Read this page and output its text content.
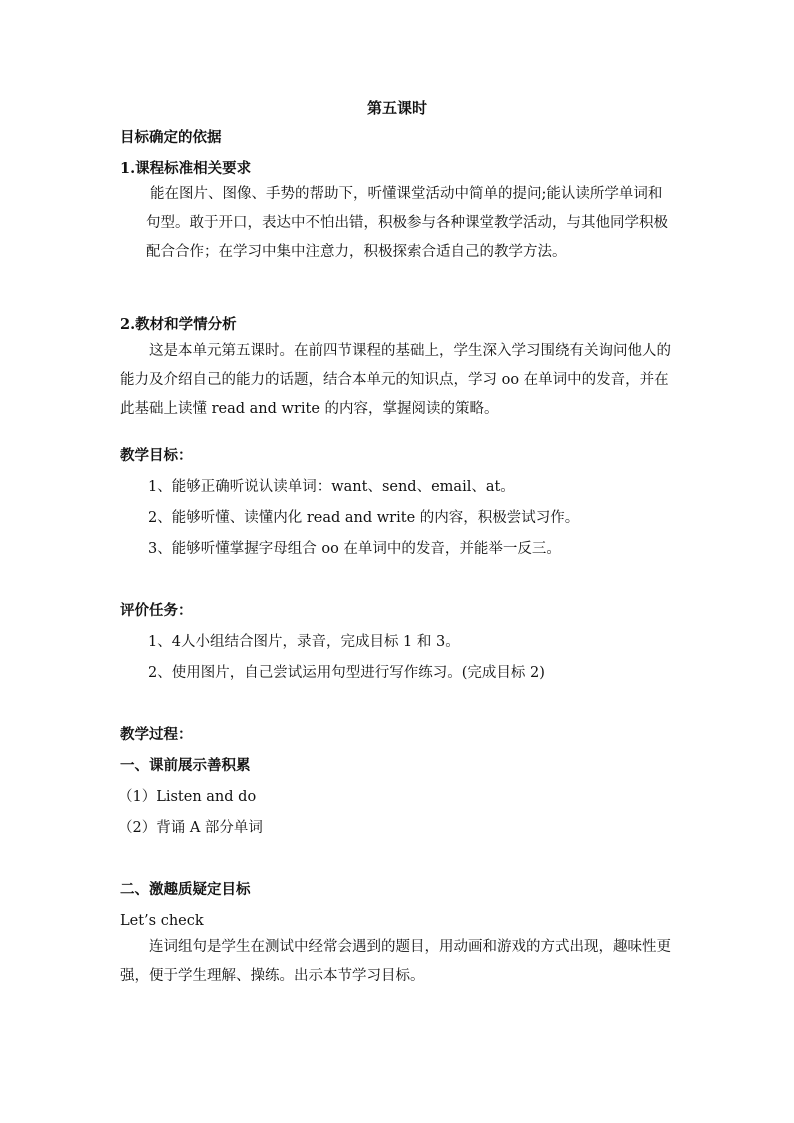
第五课时
目标确定的依据
1.课程标准相关要求

能在图片、图像、手势的帮助下，听懂课堂活动中简单的提问;能认读所学单词和句型。敢于开口，表达中不怕出错，积极参与各种课堂教学活动，与其他同学积极配合合作；在学习中集中注意力，积极探索合适自己的教学方法。

2.教材和学情分析

这是本单元第五课时。在前四节课程的基础上，学生深入学习围绕有关询问他人的能力及介绍自己的能力的话题，结合本单元的知识点，学习 oo 在单词中的发音，并在此基础上读懂 read and write 的内容，掌握阅读的策略。

教学目标：
1、能够正确听说认读单词：want、send、email、at。
2、能够听懂、读懂内化 read and write 的内容，积极尝试习作。
3、能够听懂掌握字母组合 oo 在单词中的发音，并能举一反三。
评价任务：
1、4人小组结合图片，录音，完成目标 1 和 3。
2、使用图片，自己尝试运用句型进行写作练习。(完成目标 2)
教学过程：
一、课前展示善积累
（1）Listen and do
（2）背诵 A 部分单词
二、激趣质疑定目标
Let’s check

连词组句是学生在测试中经常会遇到的题目，用动画和游戏的方式出现，趣味性更强，便于学生理解、操练。出示本节学习目标。
